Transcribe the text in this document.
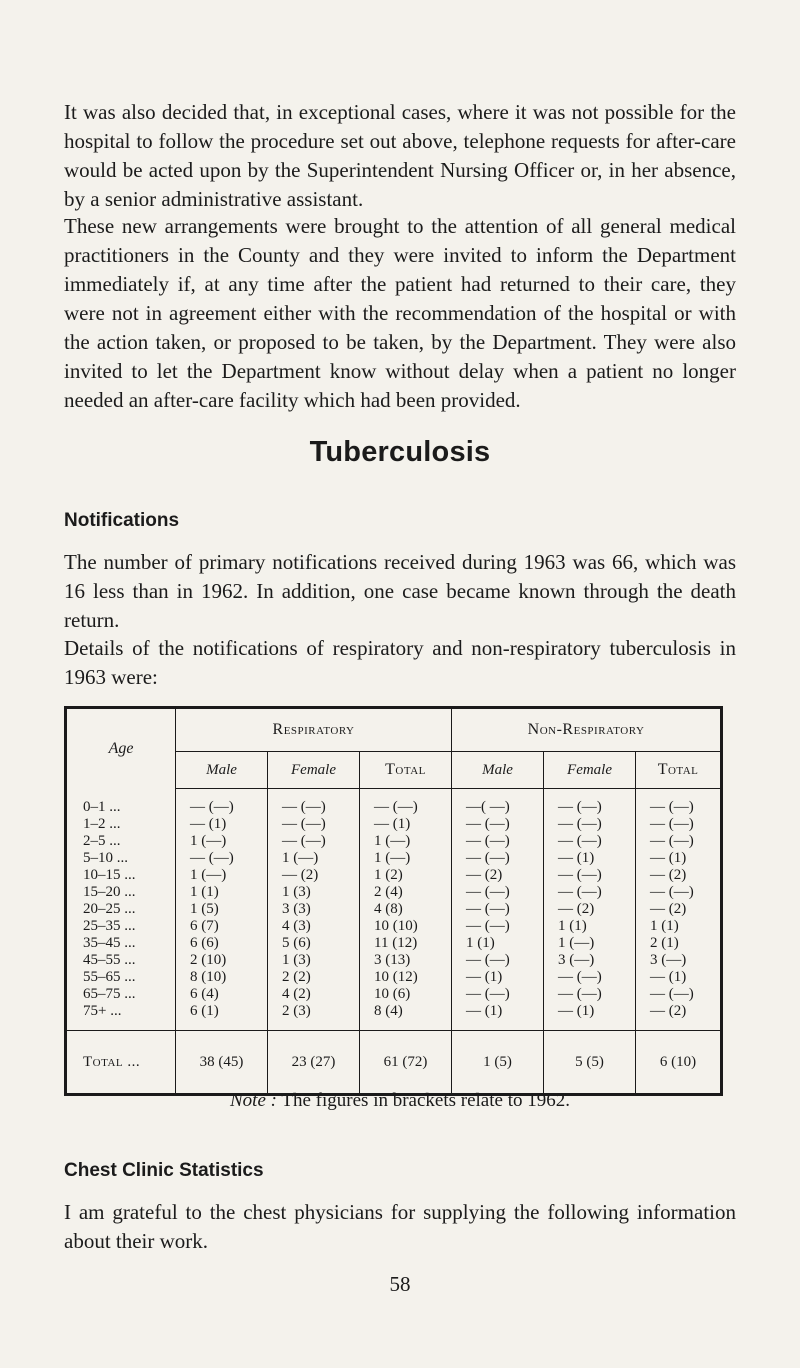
It was also decided that, in exceptional cases, where it was not possible for the hospital to follow the procedure set out above, telephone requests for after-care would be acted upon by the Superintendent Nursing Officer or, in her absence, by a senior administrative assistant.

These new arrangements were brought to the attention of all general medical practitioners in the County and they were invited to inform the Department immediately if, at any time after the patient had returned to their care, they were not in agreement either with the recommendation of the hospital or with the action taken, or proposed to be taken, by the Department. They were also invited to let the Department know without delay when a patient no longer needed an after-care facility which had been provided.

Tuberculosis
Notifications

The number of primary notifications received during 1963 was 66, which was 16 less than in 1962. In addition, one case became known through the death return.

Details of the notifications of respiratory and non-respiratory tuberculosis in 1963 were:

Age	Respiratory			Non-Respiratory		
	Male	Female	Total	Male	Female	Total
0–1 ...	— (—)	— (—)	— (—)	—( —)	— (—)	— (—)
1–2 ...	— (1)	— (—)	— (1)	— (—)	— (—)	— (—)
2–5 ...	1 (—)	— (—)	1 (—)	— (—)	— (—)	— (—)
5–10 ...	— (—)	1 (—)	1 (—)	— (—)	— (1)	— (1)
10–15 ...	1 (—)	— (2)	1 (2)	— (2)	— (—)	— (2)
15–20 ...	1 (1)	1 (3)	2 (4)	— (—)	— (—)	— (—)
20–25 ...	1 (5)	3 (3)	4 (8)	— (—)	— (2)	— (2)
25–35 ...	6 (7)	4 (3)	10 (10)	— (—)	1 (1)	1 (1)
35–45 ...	6 (6)	5 (6)	11 (12)	1 (1)	1 (—)	2 (1)
45–55 ...	2 (10)	1 (3)	3 (13)	— (—)	3 (—)	3 (—)
55–65 ...	8 (10)	2 (2)	10 (12)	— (1)	— (—)	— (1)
65–75 ...	6 (4)	4 (2)	10 (6)	— (—)	— (—)	— (—)
75+ ...	6 (1)	2 (3)	8 (4)	— (1)	— (1)	— (2)
Total ...	38 (45)	23 (27)	61 (72)	1 (5)	5 (5)	6 (10)
Note : The figures in brackets relate to 1962.
Chest Clinic Statistics

I am grateful to the chest physicians for supplying the following information about their work.

58
